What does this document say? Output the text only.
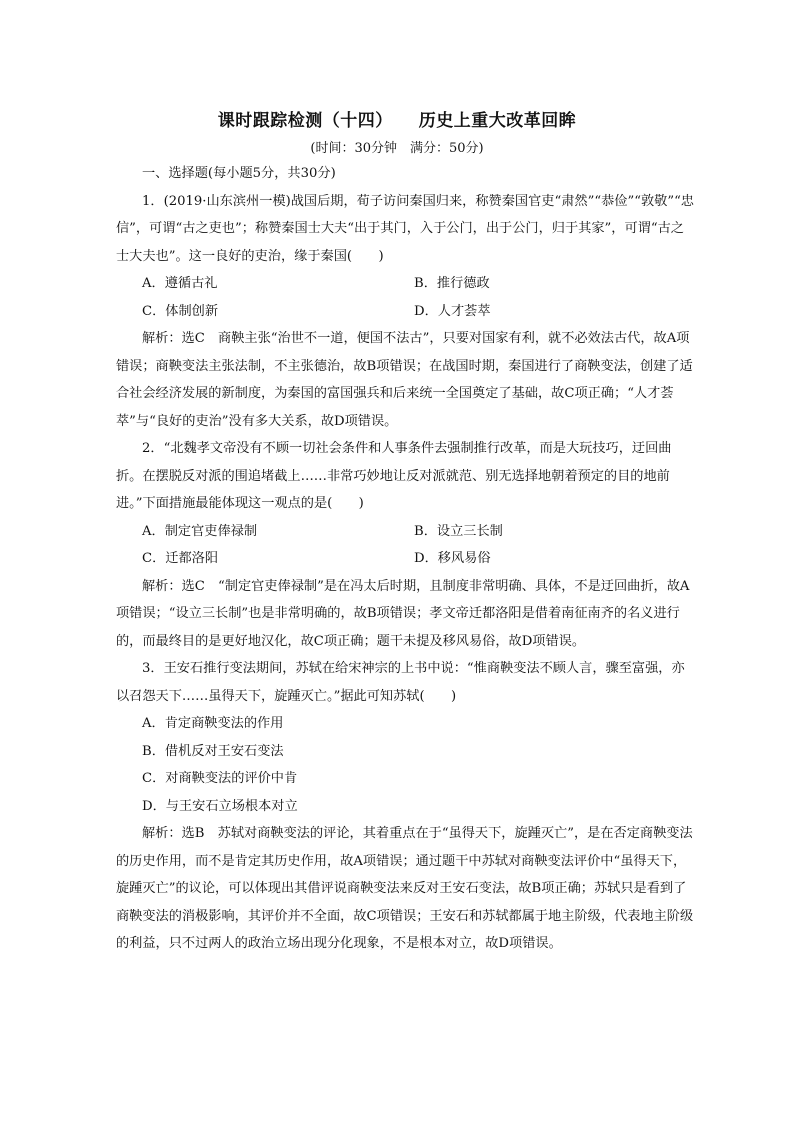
课时跟踪检测（十四） 历史上重大改革回眸
(时间：30分钟　满分：50分)

一、选择题(每小题5分，共30分)

1．(2019·山东滨州一模)战国后期，荀子访问秦国归来，称赞秦国官吏“肃然”“恭俭”“敦敬”“忠信”，可谓“古之吏也”；称赞秦国士大夫“出于其门，入于公门，出于公门，归于其家”，可谓“古之士大夫也”。这一良好的吏治，缘于秦国(　　)

A．遵循古礼	B．推行德政
C．体制创新	D．人才荟萃

解析：选C　商鞅主张“治世不一道，便国不法古”，只要对国家有利，就不必效法古代，故A项错误；商鞅变法主张法制，不主张德治，故B项错误；在战国时期，秦国进行了商鞅变法，创建了适合社会经济发展的新制度，为秦国的富国强兵和后来统一全国奠定了基础，故C项正确；“人才荟萃”与“良好的吏治”没有多大关系，故D项错误。

2．“北魏孝文帝没有不顾一切社会条件和人事条件去强制推行改革，而是大玩技巧，迂回曲折。在摆脱反对派的围追堵截上……非常巧妙地让反对派就范、别无选择地朝着预定的目的地前进。”下面措施最能体现这一观点的是(　　)

A．制定官吏俸禄制	B．设立三长制
C．迁都洛阳	D．移风易俗

解析：选C　“制定官吏俸禄制”是在冯太后时期，且制度非常明确、具体，不是迂回曲折，故A项错误；“设立三长制”也是非常明确的，故B项错误；孝文帝迁都洛阳是借着南征南齐的名义进行的，而最终目的是更好地汉化，故C项正确；题干未提及移风易俗，故D项错误。

3．王安石推行变法期间，苏轼在给宋神宗的上书中说：“惟商鞅变法不顾人言，骤至富强，亦以召怨天下……虽得天下，旋踵灭亡。”据此可知苏轼(　　)

A．肯定商鞅变法的作用
B．借机反对王安石变法
C．对商鞅变法的评价中肯
D．与王安石立场根本对立

解析：选B　苏轼对商鞅变法的评论，其着重点在于“虽得天下，旋踵灭亡”，是在否定商鞅变法的历史作用，而不是肯定其历史作用，故A项错误；通过题干中苏轼对商鞅变法评价中“虽得天下，旋踵灭亡”的议论，可以体现出其借评说商鞅变法来反对王安石变法，故B项正确；苏轼只是看到了商鞅变法的消极影响，其评价并不全面，故C项错误；王安石和苏轼都属于地主阶级，代表地主阶级的利益，只不过两人的政治立场出现分化现象，不是根本对立，故D项错误。
